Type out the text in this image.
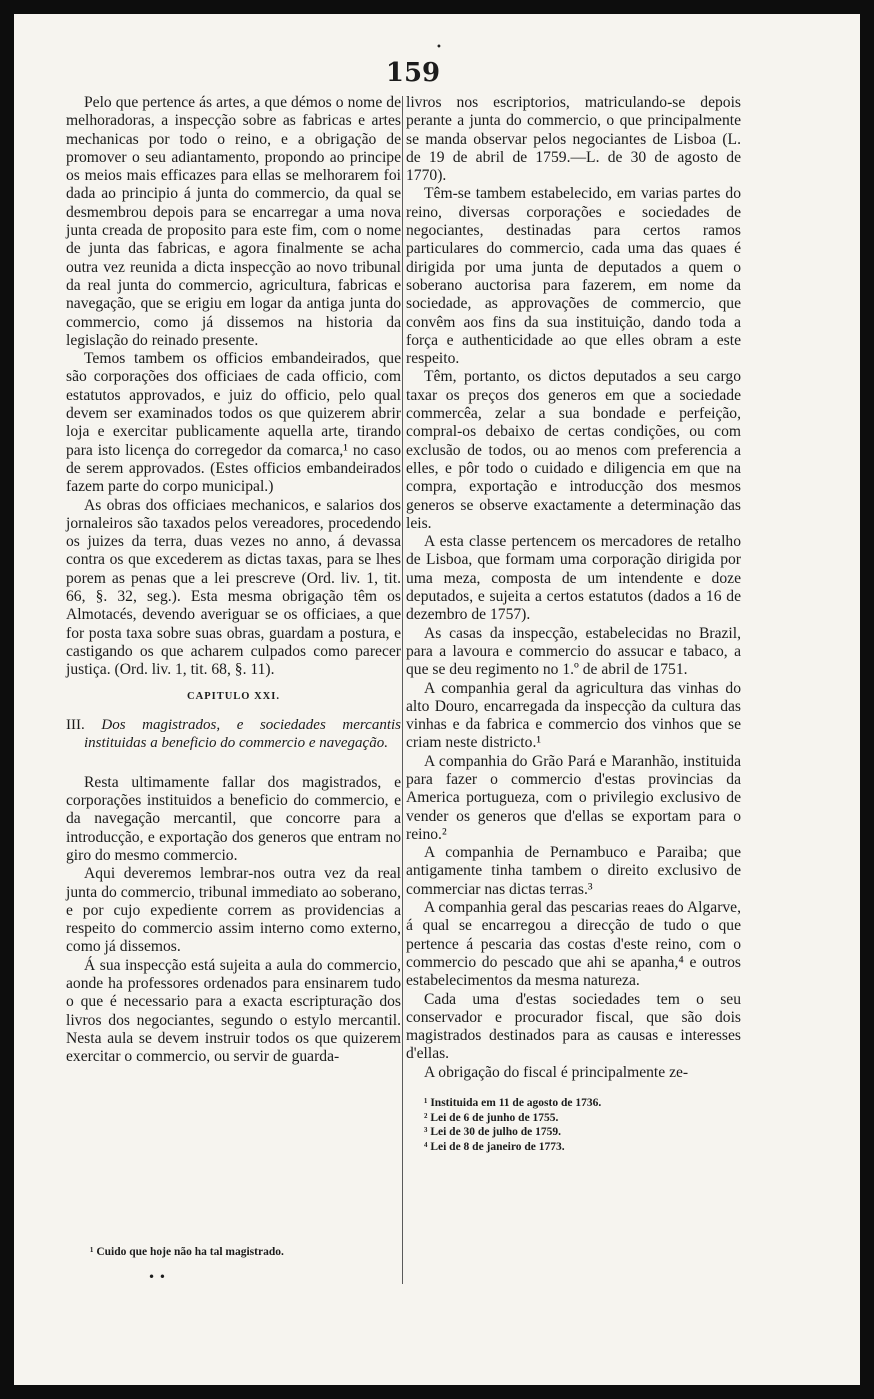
•
159

Pelo que pertence ás artes, a que démos o nome de melhoradoras, a inspecção sobre as fabricas e artes mechanicas por todo o reino, e a obrigação de promover o seu adiantamento, propondo ao principe os meios mais efficazes para ellas se melhorarem foi dada ao principio á junta do commercio, da qual se desmembrou depois para se encarregar a uma nova junta creada de proposito para este fim, com o nome de junta das fabricas, e agora finalmente se acha outra vez reunida a dicta inspecção ao novo tribunal da real junta do commercio, agricultura, fabricas e navegação, que se erigiu em logar da antiga junta do commercio, como já dissemos na historia da legislação do reinado presente.

Temos tambem os officios embandeirados, que são corporações dos officiaes de cada officio, com estatutos approvados, e juiz do officio, pelo qual devem ser examinados todos os que quizerem abrir loja e exercitar publicamente aquella arte, tirando para isto licença do corregedor da comarca,¹ no caso de serem approvados. (Estes officios embandeirados fazem parte do corpo municipal.)

As obras dos officiaes mechanicos, e salarios dos jornaleiros são taxados pelos vereadores, procedendo os juizes da terra, duas vezes no anno, á devassa contra os que excederem as dictas taxas, para se lhes porem as penas que a lei prescreve (Ord. liv. 1, tit. 66, §. 32, seg.). Esta mesma obrigação têm os Almotacés, devendo averiguar se os officiaes, a que for posta taxa sobre suas obras, guardam a postura, e castigando os que acharem culpados como parecer justiça. (Ord. liv. 1, tit. 68, §. 11).

CAPITULO XXI.
III. Dos magistrados, e sociedades mercantis instituidas a beneficio do commercio e navegação.

Resta ultimamente fallar dos magistrados, e corporações instituidos a beneficio do commercio, e da navegação mercantil, que concorre para a introducção, e exportação dos generos que entram no giro do mesmo commercio.

Aqui deveremos lembrar-nos outra vez da real junta do commercio, tribunal immediato ao soberano, e por cujo expediente correm as providencias a respeito do commercio assim interno como externo, como já dissemos.

Á sua inspecção está sujeita a aula do commercio, aonde ha professores ordenados para ensinarem tudo o que é necessario para a exacta escripturação dos livros dos negociantes, segundo o estylo mercantil. Nesta aula se devem instruir todos os que quizerem exercitar o commercio, ou servir de guarda-

¹ Cuido que hoje não ha tal magistrado.
• •

livros nos escriptorios, matriculando-se depois perante a junta do commercio, o que principalmente se manda observar pelos negociantes de Lisboa (L. de 19 de abril de 1759.—L. de 30 de agosto de 1770).

Têm-se tambem estabelecido, em varias partes do reino, diversas corporações e sociedades de negociantes, destinadas para certos ramos particulares do commercio, cada uma das quaes é dirigida por uma junta de deputados a quem o soberano auctorisa para fazerem, em nome da sociedade, as approvações de commercio, que convêm aos fins da sua instituição, dando toda a força e authenticidade ao que elles obram a este respeito.

Têm, portanto, os dictos deputados a seu cargo taxar os preços dos generos em que a sociedade commercêa, zelar a sua bondade e perfeição, compral-os debaixo de certas condições, ou com exclusão de todos, ou ao menos com preferencia a elles, e pôr todo o cuidado e diligencia em que na compra, exportação e introducção dos mesmos generos se observe exactamente a determinação das leis.

A esta classe pertencem os mercadores de retalho de Lisboa, que formam uma corporação dirigida por uma meza, composta de um intendente e doze deputados, e sujeita a certos estatutos (dados a 16 de dezembro de 1757).

As casas da inspecção, estabelecidas no Brazil, para a lavoura e commercio do assucar e tabaco, a que se deu regimento no 1.º de abril de 1751.

A companhia geral da agricultura das vinhas do alto Douro, encarregada da inspecção da cultura das vinhas e da fabrica e commercio dos vinhos que se criam neste districto.¹

A companhia do Grão Pará e Maranhão, instituida para fazer o commercio d'estas provincias da America portugueza, com o privilegio exclusivo de vender os generos que d'ellas se exportam para o reino.²

A companhia de Pernambuco e Paraiba; que antigamente tinha tambem o direito exclusivo de commerciar nas dictas terras.³

A companhia geral das pescarias reaes do Algarve, á qual se encarregou a direcção de tudo o que pertence á pescaria das costas d'este reino, com o commercio do pescado que ahi se apanha,⁴ e outros estabelecimentos da mesma natureza.

Cada uma d'estas sociedades tem o seu conservador e procurador fiscal, que são dois magistrados destinados para as causas e interesses d'ellas.

A obrigação do fiscal é principalmente ze-

¹ Instituida em 11 de agosto de 1736.
² Lei de 6 de junho de 1755.
³ Lei de 30 de julho de 1759.
⁴ Lei de 8 de janeiro de 1773.
